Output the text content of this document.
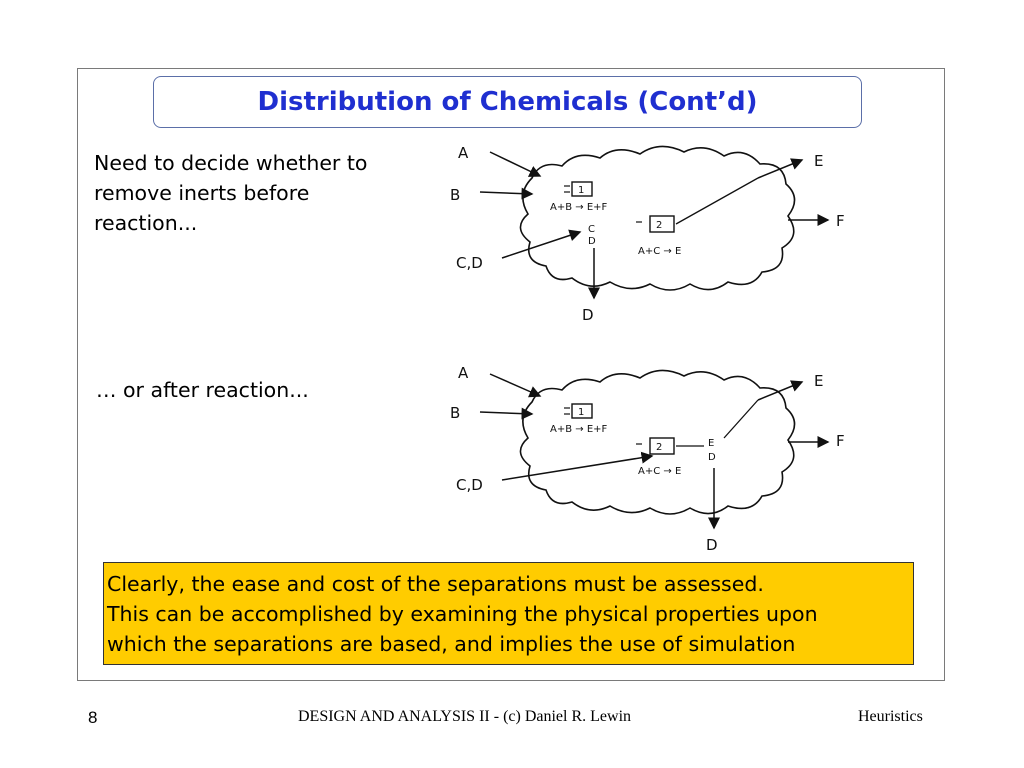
Distribution of Chemicals (Cont’d)
Need to decide whether to remove inerts before reaction...
… or after reaction...
A
B
C,D
E
F
D
1
A+B → E+F
2
A+C → E
C
D
A
B
C,D
E
F
D
1
A+B → E+F
2
A+C → E
E
D
Clearly, the ease and cost of the separations must be assessed.
This can be accomplished by examining the physical properties upon
which the separations are based, and implies the use of simulation
8	DESIGN AND ANALYSIS II - (c) Daniel R. Lewin	Heuristics
